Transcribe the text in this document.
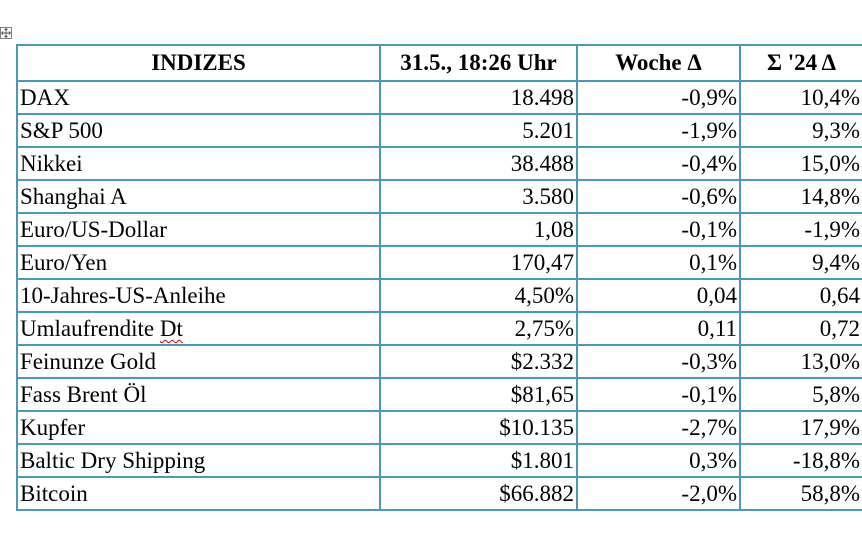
INDIZES	31.5., 18:26 Uhr	Woche Δ	Σ '24 Δ
DAX	18.498	-0,9%	10,4%
S&P 500	5.201	-1,9%	9,3%
Nikkei	38.488	-0,4%	15,0%
Shanghai A	3.580	-0,6%	14,8%
Euro/US-Dollar	1,08	-0,1%	-1,9%
Euro/Yen	170,47	0,1%	9,4%
10-Jahres-US-Anleihe	4,50%	0,04	0,64
Umlaufrendite Dt	2,75%	0,11	0,72
Feinunze Gold	$2.332	-0,3%	13,0%
Fass Brent Öl	$81,65	-0,1%	5,8%
Kupfer	$10.135	-2,7%	17,9%
Baltic Dry Shipping	$1.801	0,3%	-18,8%
Bitcoin	$66.882	-2,0%	58,8%
